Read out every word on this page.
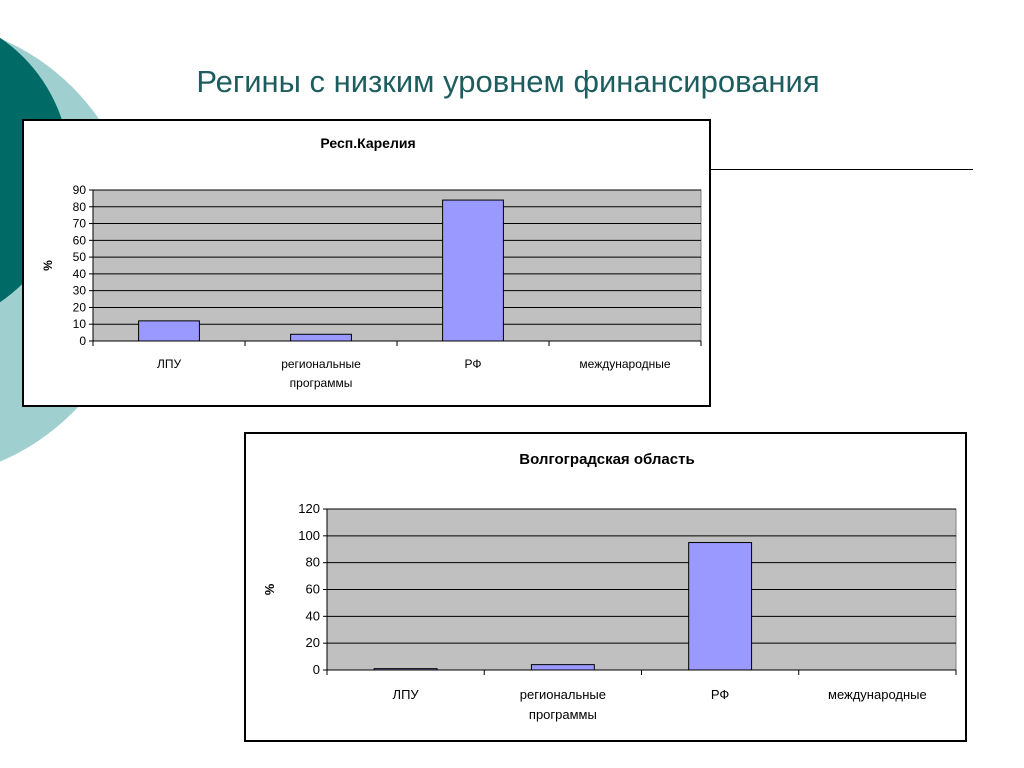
Регины с низким уровнем финансирования
Респ.Карелия
0
10
20
30
40
50
60
70
80
90
%
ЛПУ	региональные
программы
РФ	международные
Волгоградская область
0
20
40
60
80
100
120
%
ЛПУ	региональные
программы
РФ	международные
